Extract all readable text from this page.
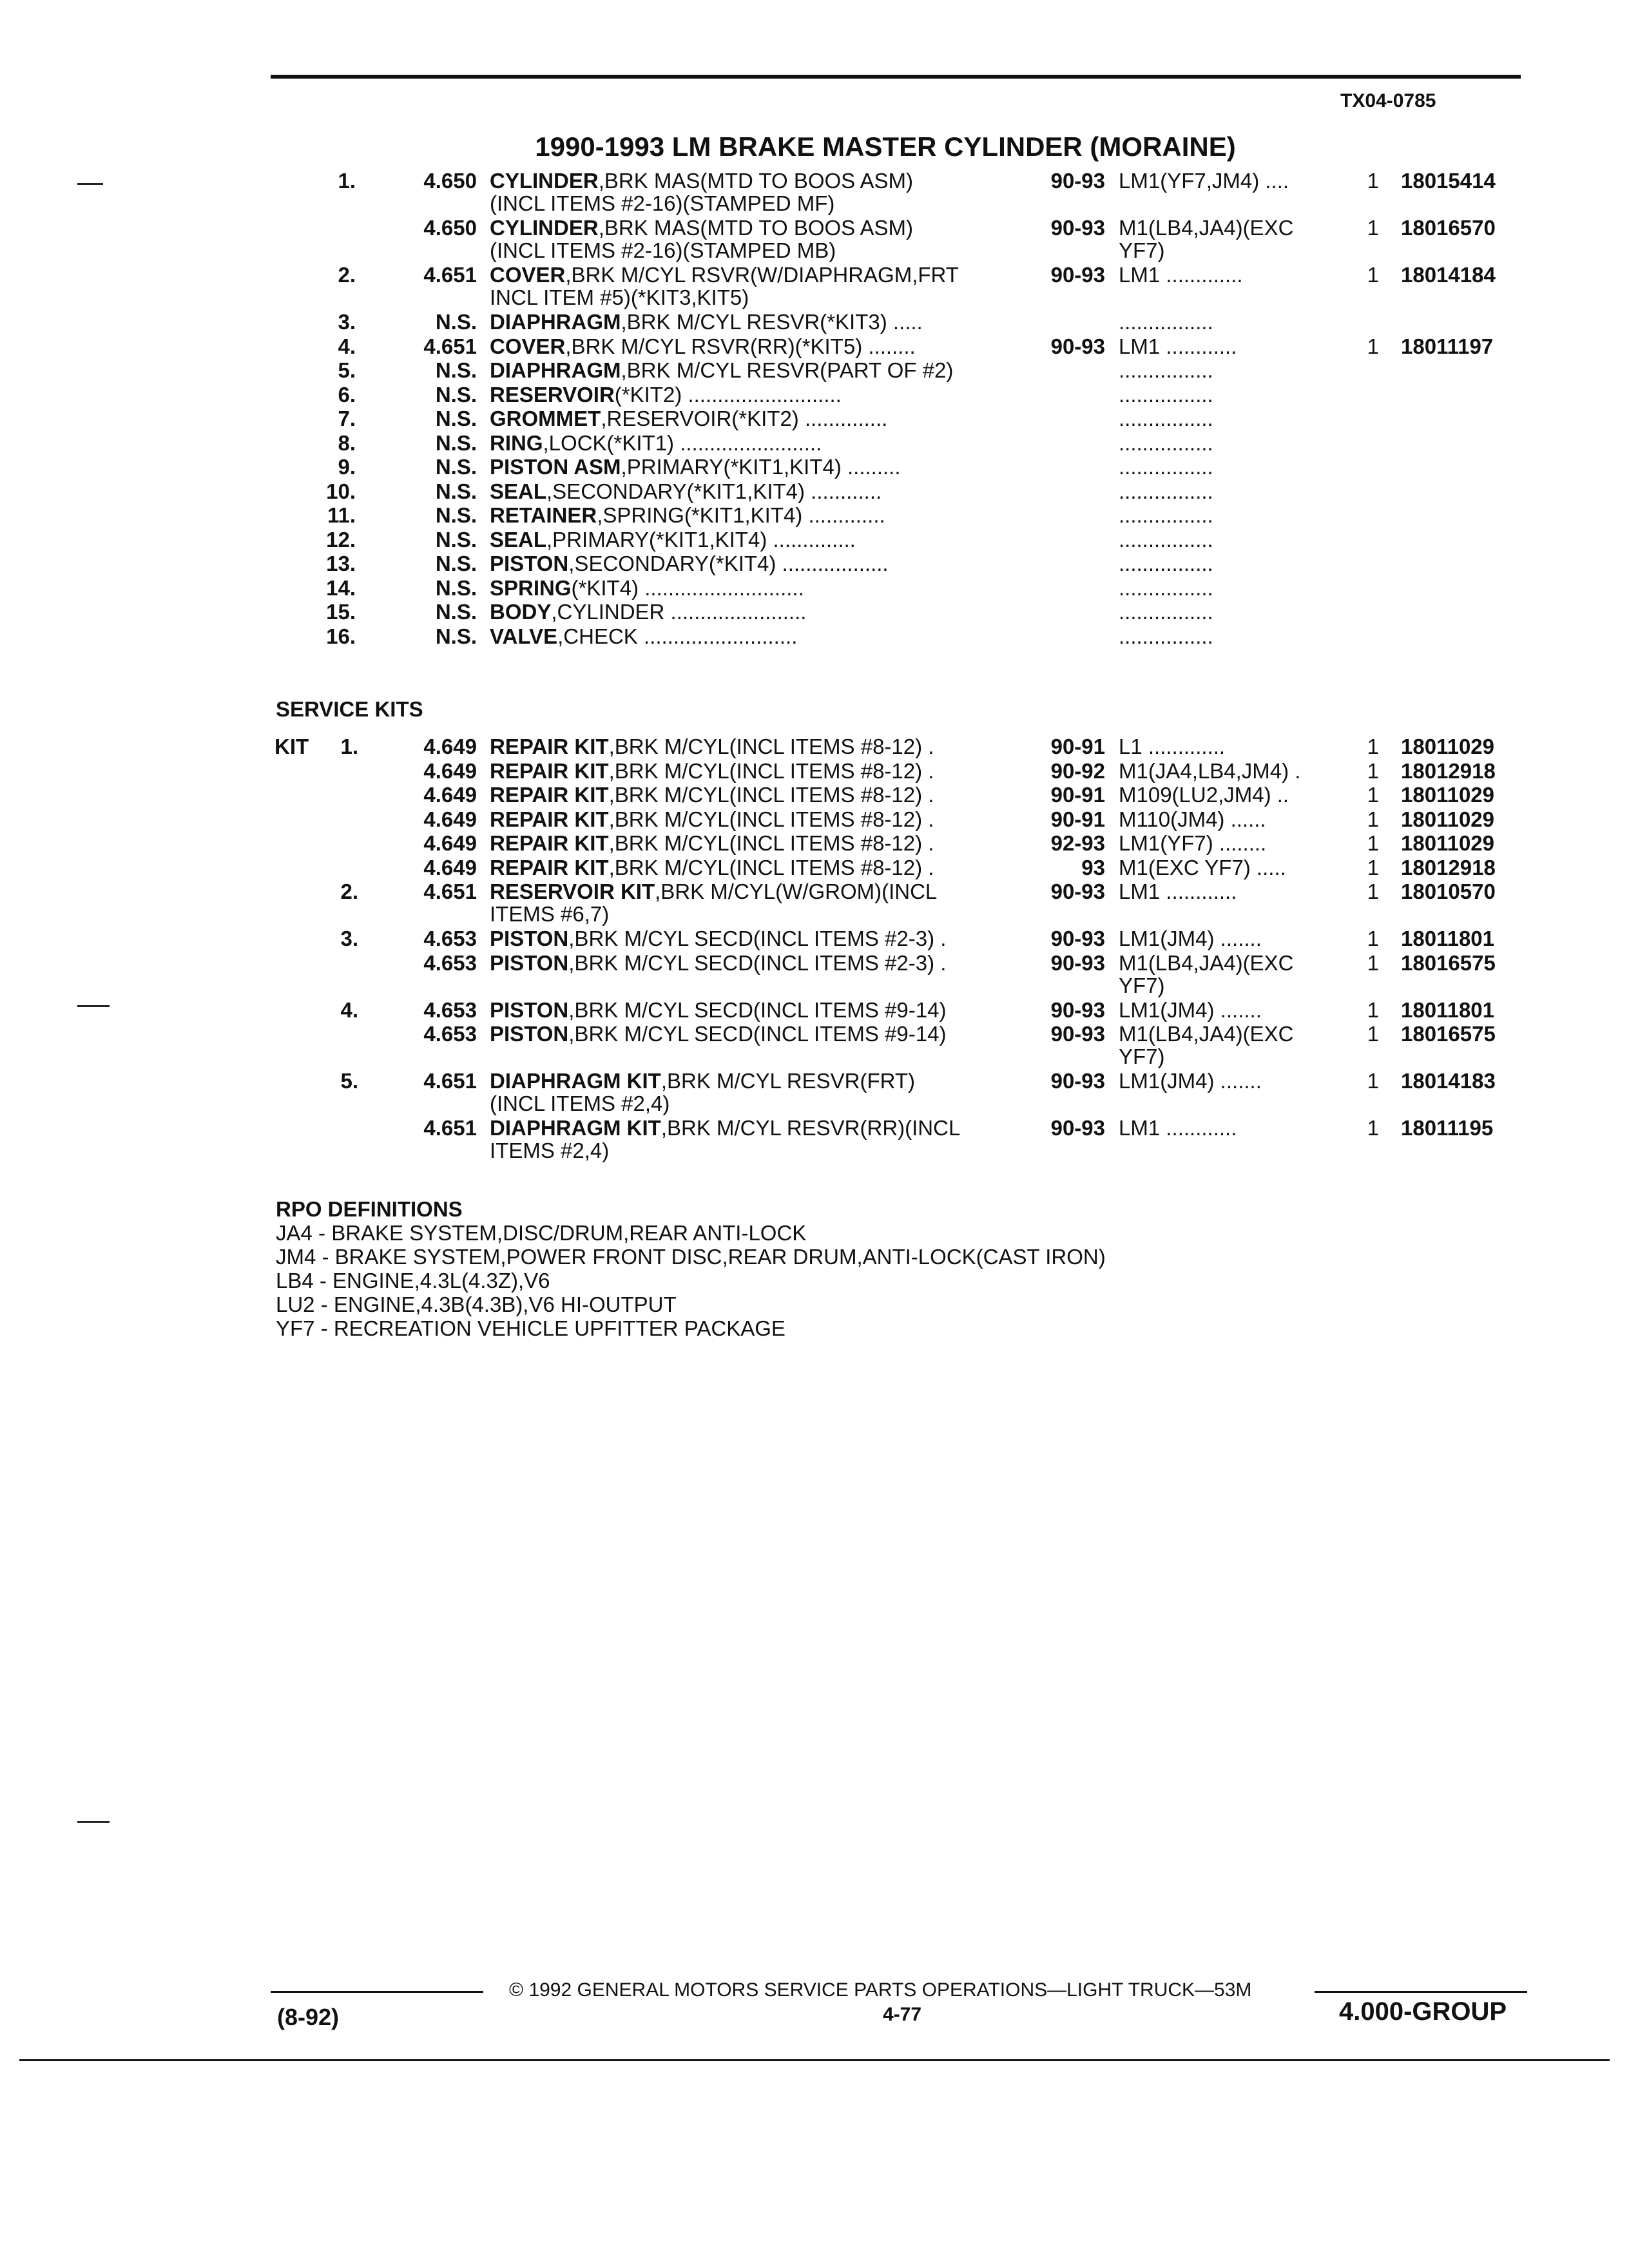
TX04-0785
1990-1993 LM BRAKE MASTER CYLINDER (MORAINE)
1.	4.650 CYLINDER,BRK MAS(MTD TO BOOS ASM)	90-93 LM1(YF7,JM4) ....	1 18015414
(INCL ITEMS #2-16)(STAMPED MF)
4.650 CYLINDER,BRK MAS(MTD TO BOOS ASM)	90-93 M1(LB4,JA4)(EXC	1 18016570
(INCL ITEMS #2-16)(STAMPED MB)	YF7)
2.	4.651 COVER,BRK M/CYL RSVR(W/DIAPHRAGM,FRT	90-93 LM1 .............	1 18014184
INCL ITEM #5)(*KIT3,KIT5)
3.	N.S. DIAPHRAGM,BRK M/CYL RESVR(*KIT3) .....	................
4.	4.651 COVER,BRK M/CYL RSVR(RR)(*KIT5) ........	90-93 LM1 ............	1 18011197
5.	N.S. DIAPHRAGM,BRK M/CYL RESVR(PART OF #2)	................
6.	N.S. RESERVOIR(*KIT2) ..........................	................
7.	N.S. GROMMET,RESERVOIR(*KIT2) ..............	................
8.	N.S. RING,LOCK(*KIT1) ........................	................
9.	N.S. PISTON ASM,PRIMARY(*KIT1,KIT4) .........	................
10.	N.S. SEAL,SECONDARY(*KIT1,KIT4) ............	................
11.	N.S. RETAINER,SPRING(*KIT1,KIT4) .............	................
12.	N.S. SEAL,PRIMARY(*KIT1,KIT4) ..............	................
13.	N.S. PISTON,SECONDARY(*KIT4) ..................	................
14.	N.S. SPRING(*KIT4) ...........................	................
15.	N.S. BODY,CYLINDER .......................	................
16.	N.S. VALVE,CHECK ..........................	................
SERVICE KITS
KIT	1.	4.649 REPAIR KIT,BRK M/CYL(INCL ITEMS #8-12) .	90-91 L1 .............	1 18011029
4.649 REPAIR KIT,BRK M/CYL(INCL ITEMS #8-12) .	90-92 M1(JA4,LB4,JM4) .	1 18012918
4.649 REPAIR KIT,BRK M/CYL(INCL ITEMS #8-12) .	90-91 M109(LU2,JM4) ..	1 18011029
4.649 REPAIR KIT,BRK M/CYL(INCL ITEMS #8-12) .	90-91 M110(JM4) ......	1 18011029
4.649 REPAIR KIT,BRK M/CYL(INCL ITEMS #8-12) .	92-93 LM1(YF7) ........	1 18011029
4.649 REPAIR KIT,BRK M/CYL(INCL ITEMS #8-12) .	93 M1(EXC YF7) .....	1 18012918
2.	4.651 RESERVOIR KIT,BRK M/CYL(W/GROM)(INCL	90-93 LM1 ............	1 18010570
ITEMS #6,7)
3.	4.653 PISTON,BRK M/CYL SECD(INCL ITEMS #2-3) .	90-93 LM1(JM4) .......	1 18011801
4.653 PISTON,BRK M/CYL SECD(INCL ITEMS #2-3) .	90-93 M1(LB4,JA4)(EXC	1 18016575
YF7)
4.	4.653 PISTON,BRK M/CYL SECD(INCL ITEMS #9-14)	90-93 LM1(JM4) .......	1 18011801
4.653 PISTON,BRK M/CYL SECD(INCL ITEMS #9-14)	90-93 M1(LB4,JA4)(EXC	1 18016575
YF7)
5.	4.651 DIAPHRAGM KIT,BRK M/CYL RESVR(FRT)	90-93 LM1(JM4) .......	1 18014183
(INCL ITEMS #2,4)
4.651 DIAPHRAGM KIT,BRK M/CYL RESVR(RR)(INCL	90-93 LM1 ............	1 18011195
ITEMS #2,4)
RPO DEFINITIONS
JA4 - BRAKE SYSTEM,DISC/DRUM,REAR ANTI-LOCK
JM4 - BRAKE SYSTEM,POWER FRONT DISC,REAR DRUM,ANTI-LOCK(CAST IRON)
LB4 - ENGINE,4.3L(4.3Z),V6
LU2 - ENGINE,4.3B(4.3B),V6 HI-OUTPUT
YF7 - RECREATION VEHICLE UPFITTER PACKAGE
© 1992 GENERAL MOTORS SERVICE PARTS OPERATIONS—LIGHT TRUCK—53M
(8-92)	4-77	4.000-GROUP
